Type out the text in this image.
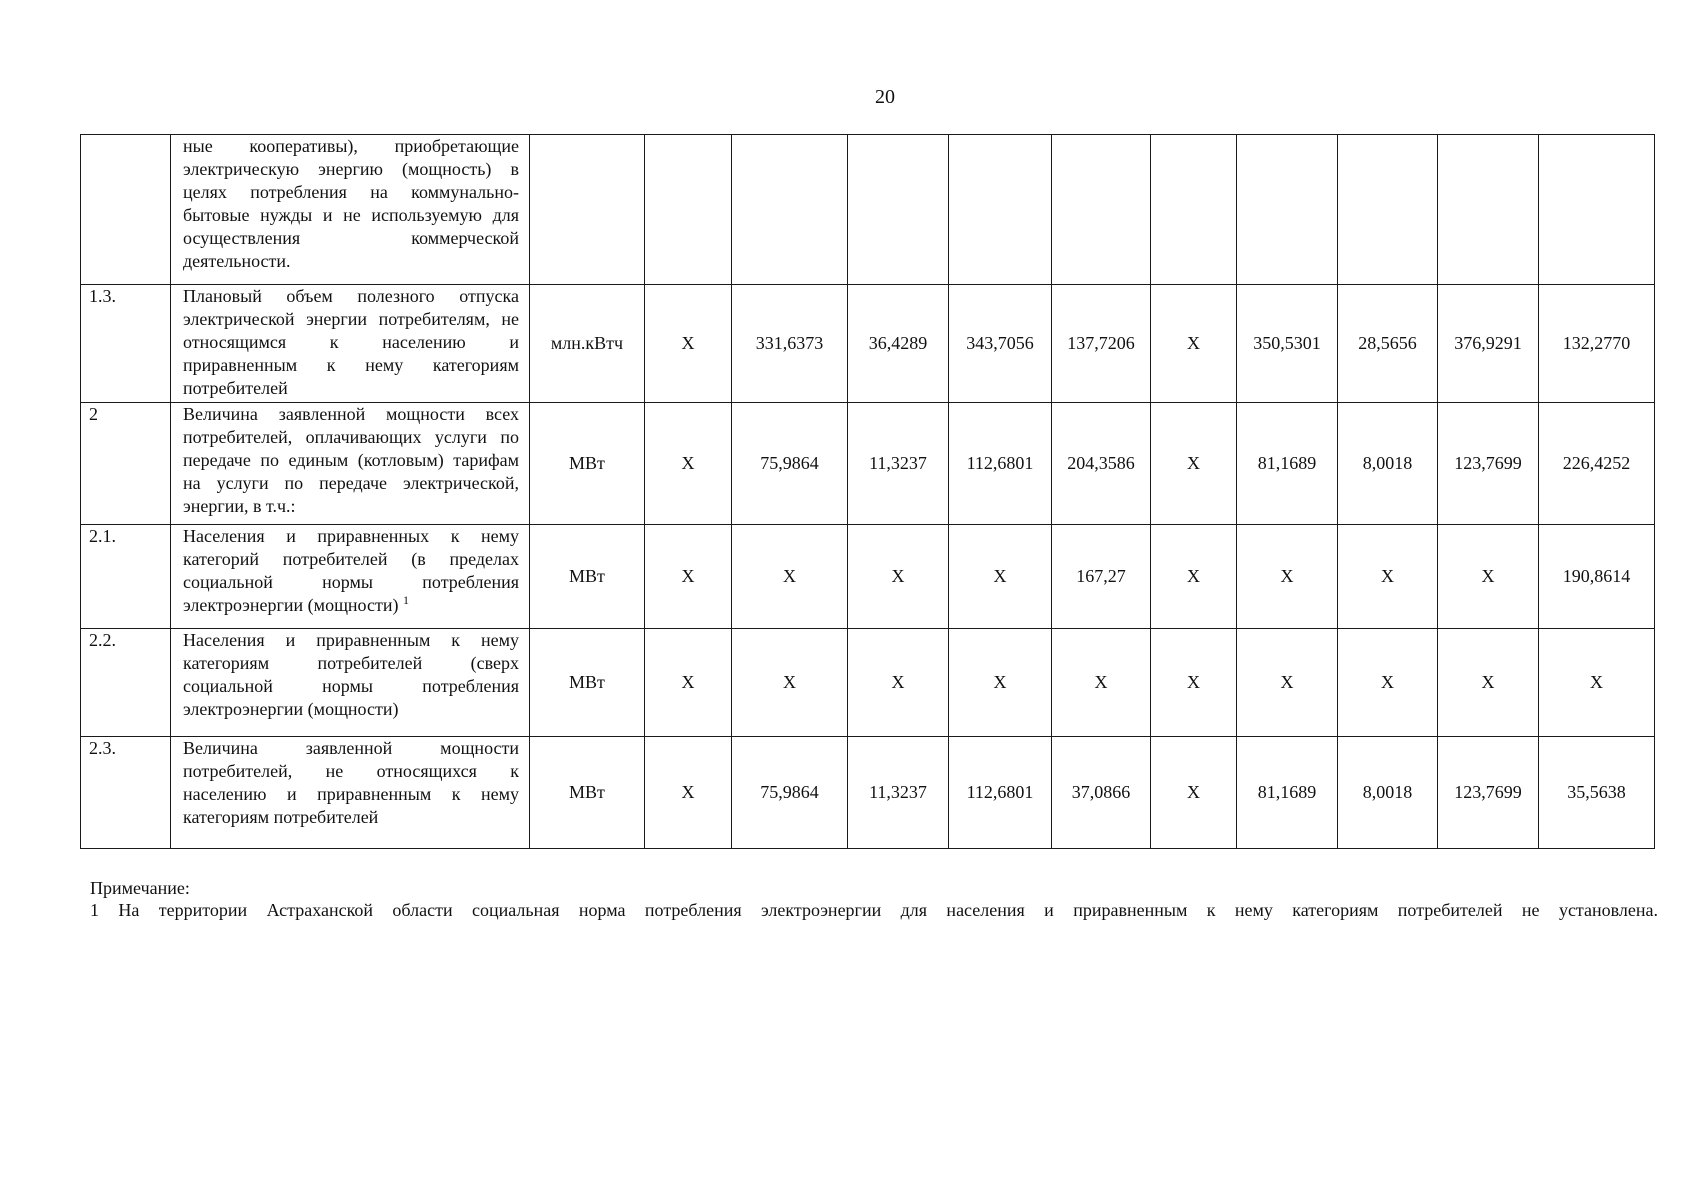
20
	ные кооперативы), приобретающие электрическую энергию (мощность) в целях потребления на коммунально-бытовые нужды и не используемую для осуществления коммерческой деятельности.											
1.3.	Плановый объем полезного отпуска электрической энергии потребителям, не относящимся к населению и приравненным к нему категориям потребителей	млн.кВтч	X	331,6373	36,4289	343,7056	137,7206	X	350,5301	28,5656	376,9291	132,2770
2	Величина заявленной мощности всех потребителей, оплачивающих услуги по передаче по единым (котловым) тарифам на услуги по передаче электрической, энергии, в т.ч.:	МВт	X	75,9864	11,3237	112,6801	204,3586	X	81,1689	8,0018	123,7699	226,4252
2.1.	Населения и приравненных к нему категорий потребителей (в пределах социальной нормы потребления электроэнергии (мощности) $^1$	МВт	X	X	X	X	167,27	X	X	X	X	190,8614
2.2.	Населения и приравненным к нему категориям потребителей (сверх социальной нормы потребления электроэнергии (мощности)	МВт	X	X	X	X	X	X	X	X	X	X
2.3.	Величина заявленной мощности потребителей, не относящихся к населению и приравненным к нему категориям потребителей	МВт	X	75,9864	11,3237	112,6801	37,0866	X	81,1689	8,0018	123,7699	35,5638
Примечание:
1 На территории Астраханской области социальная норма потребления электроэнергии для населения и приравненным к нему категориям потребителей не установлена.
